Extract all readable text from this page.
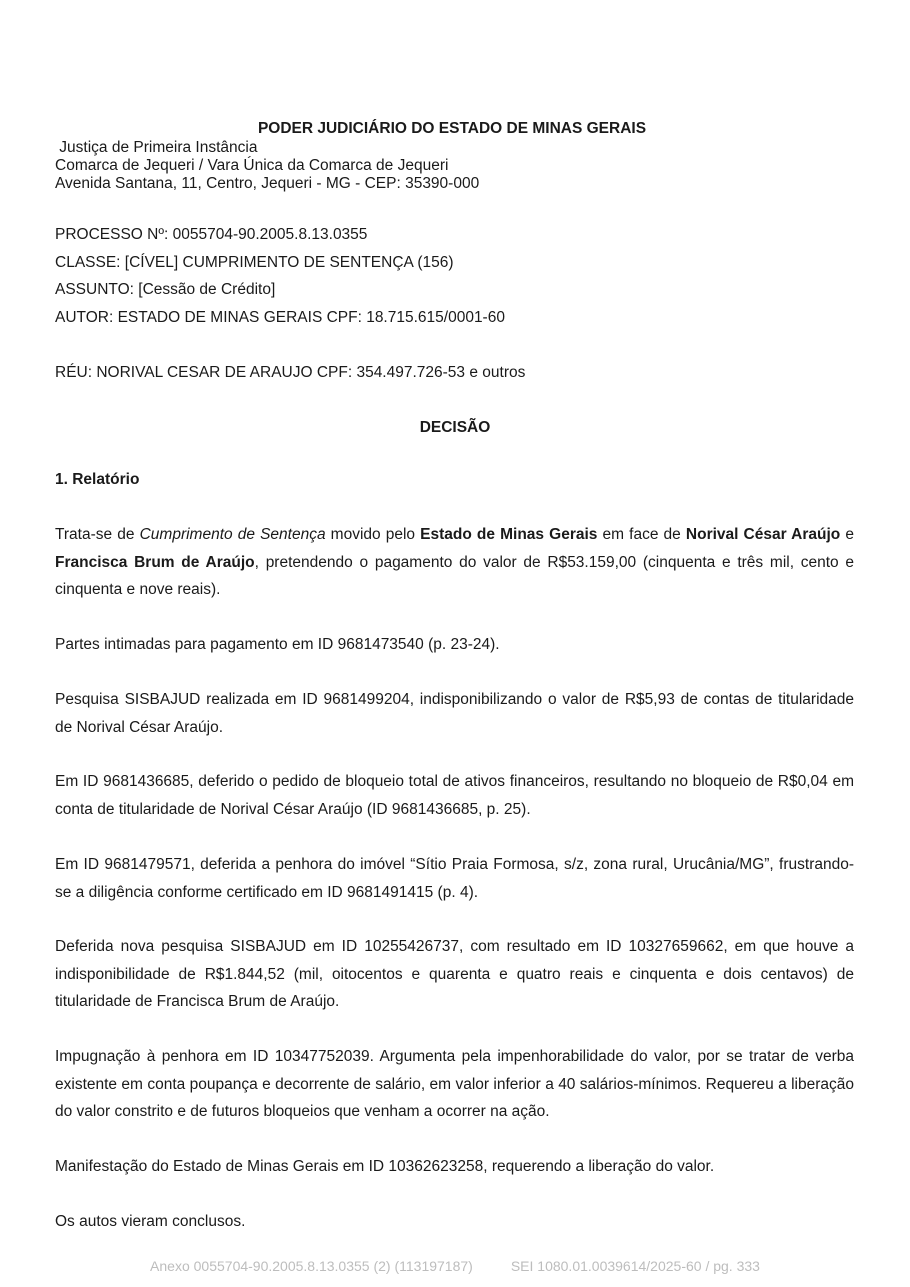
PODER JUDICIÁRIO DO ESTADO DE MINAS GERAIS
Justiça de Primeira Instância
Comarca de Jequeri / Vara Única da Comarca de Jequeri
Avenida Santana, 11, Centro, Jequeri - MG - CEP: 35390-000
PROCESSO Nº: 0055704-90.2005.8.13.0355
CLASSE: [CÍVEL] CUMPRIMENTO DE SENTENÇA (156)
ASSUNTO: [Cessão de Crédito]
AUTOR: ESTADO DE MINAS GERAIS CPF: 18.715.615/0001-60
RÉU: NORIVAL CESAR DE ARAUJO CPF: 354.497.726-53 e outros
DECISÃO
1. Relatório

Trata-se de Cumprimento de Sentença movido pelo Estado de Minas Gerais em face de Norival César Araújo e Francisca Brum de Araújo, pretendendo o pagamento do valor de R$53.159,00 (cinquenta e três mil, cento e cinquenta e nove reais).

Partes intimadas para pagamento em ID 9681473540 (p. 23-24).

Pesquisa SISBAJUD realizada em ID 9681499204, indisponibilizando o valor de R$5,93 de contas de titularidade de Norival César Araújo.

Em ID 9681436685, deferido o pedido de bloqueio total de ativos financeiros, resultando no bloqueio de R$0,04 em conta de titularidade de Norival César Araújo (ID 9681436685, p. 25).

Em ID 9681479571, deferida a penhora do imóvel “Sítio Praia Formosa, s/z, zona rural, Urucânia/MG”, frustrando-se a diligência conforme certificado em ID 9681491415 (p. 4).

Deferida nova pesquisa SISBAJUD em ID 10255426737, com resultado em ID 10327659662, em que houve a indisponibilidade de R$1.844,52 (mil, oitocentos e quarenta e quatro reais e cinquenta e dois centavos) de titularidade de Francisca Brum de Araújo.

Impugnação à penhora em ID 10347752039. Argumenta pela impenhorabilidade do valor, por se tratar de verba existente em conta poupança e decorrente de salário, em valor inferior a 40 salários-mínimos. Requereu a liberação do valor constrito e de futuros bloqueios que venham a ocorrer na ação.

Manifestação do Estado de Minas Gerais em ID 10362623258, requerendo a liberação do valor.

Os autos vieram conclusos.

Anexo 0055704-90.2005.8.13.0355 (2) (113197187)	SEI 1080.01.0039614/2025-60 / pg. 333
